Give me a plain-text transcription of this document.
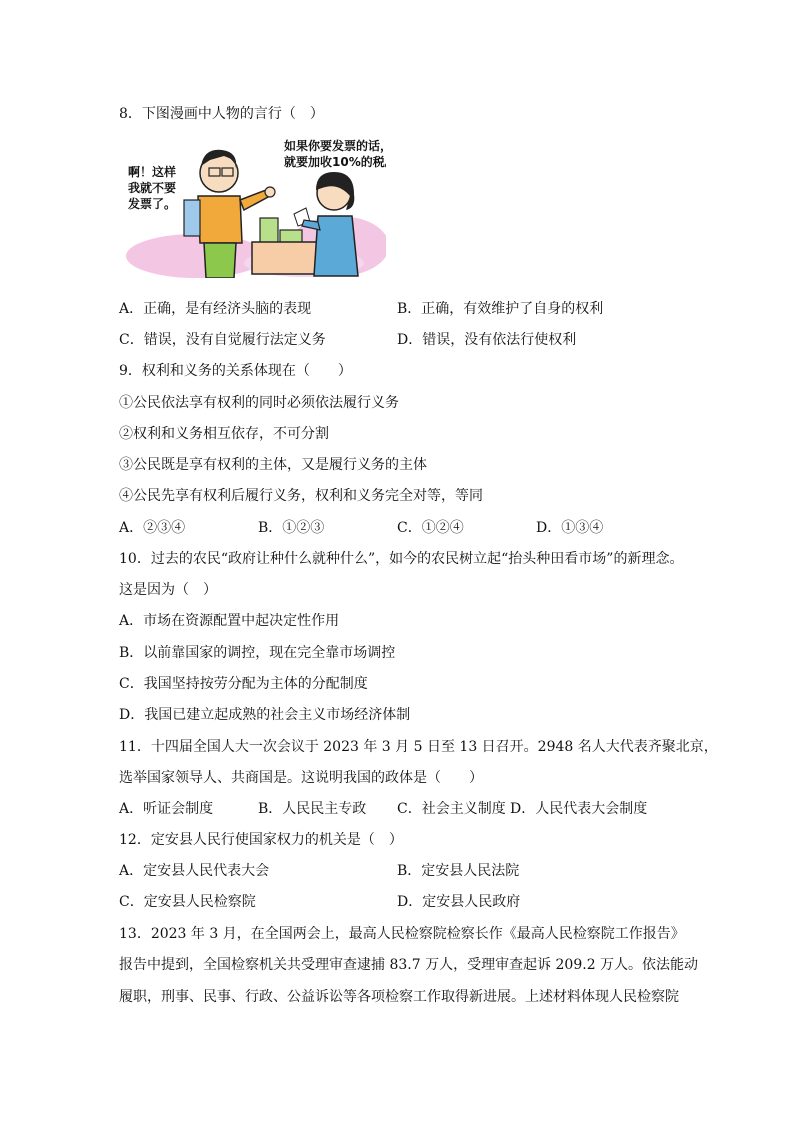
8．下图漫画中人物的言行（　）
啊！这样
我就不要
发票了。
如果你要发票的话，
就要加收10%的税。
A．正确，是有经济头脑的表现	B．正确，有效维护了自身的权利
C．错误，没有自觉履行法定义务	D．错误，没有依法行使权利
9．权利和义务的关系体现在（　　）
①公民依法享有权利的同时必须依法履行义务
②权利和义务相互依存，不可分割
③公民既是享有权利的主体，又是履行义务的主体
④公民先享有权利后履行义务，权利和义务完全对等，等同
A．②③④	B．①②③	C．①②④	D．①③④
10．过去的农民“政府让种什么就种什么”，如今的农民树立起“抬头种田看市场”的新理念。
这是因为（　）
A．市场在资源配置中起决定性作用
B．以前靠国家的调控，现在完全靠市场调控
C．我国坚持按劳分配为主体的分配制度
D．我国已建立起成熟的社会主义市场经济体制
11．十四届全国人大一次会议于 2023 年 3 月 5 日至 13 日召开。2948 名人大代表齐聚北京，
选举国家领导人、共商国是。这说明我国的政体是（　　）
A．听证会制度	B．人民民主专政 C．社会主义制度 D．人民代表大会制度
12．定安县人民行使国家权力的机关是（　）
A．定安县人民代表大会	B．定安县人民法院
C．定安县人民检察院	D．定安县人民政府
13．2023 年 3 月，在全国两会上，最高人民检察院检察长作《最高人民检察院工作报告》
报告中提到，全国检察机关共受理审查逮捕 83.7 万人，受理审查起诉 209.2 万人。依法能动
履职，刑事、民事、行政、公益诉讼等各项检察工作取得新进展。上述材料体现人民检察院
